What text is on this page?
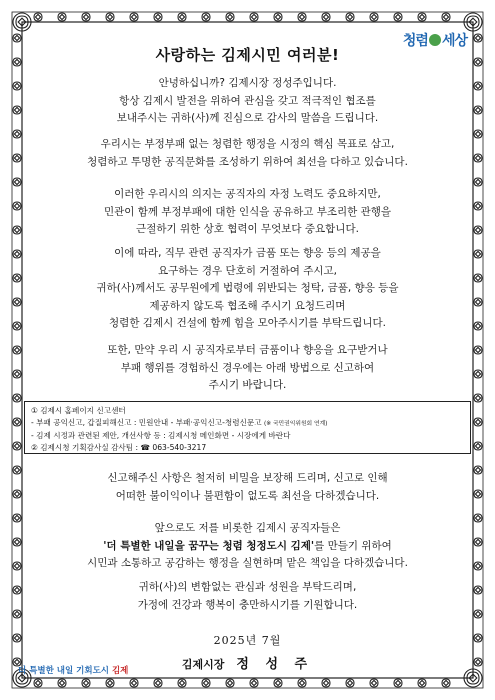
청렴 세상
사랑하는 김제시민 여러분!
안녕하십니까? 김제시장 정성주입니다.
항상 김제시 발전을 위하여 관심을 갖고 적극적인 협조를
보내주시는 귀하(사)께 진심으로 감사의 말씀을 드립니다.
우리시는 부정부패 없는 청렴한 행정을 시정의 핵심 목표로 삼고,
청렴하고 투명한 공직문화를 조성하기 위하여 최선을 다하고 있습니다.
이러한 우리시의 의지는 공직자의 자정 노력도 중요하지만,
민관이 함께 부정부패에 대한 인식을 공유하고 부조리한 관행을
근절하기 위한 상호 협력이 무엇보다 중요합니다.
이에 따라, 직무 관련 공직자가 금품 또는 향응 등의 제공을
요구하는 경우 단호히 거절하여 주시고,
귀하(사)께서도 공무원에게 법령에 위반되는 청탁, 금품, 향응 등을
제공하지 않도록 협조해 주시기 요청드리며
청렴한 김제시 건설에 함께 힘을 모아주시기를 부탁드립니다.
또한, 만약 우리 시 공직자로부터 금품이나 향응을 요구받거나
부패 행위를 경험하신 경우에는 아래 방법으로 신고하여
주시기 바랍니다.
① 김제시 홈페이지 신고센터
- 부패 공익신고, 갑질피해신고 : 민원안내 - 부패·공익신고-청렴신문고 (※ 국민권익위원회 연계)
- 김제 시정과 관련된 제안, 개선사항 등 : 김제시청 메인화면 - 시장에게 바란다
② 김제시청 기획감사실 감사팀 : ☎ 063-540-3217
신고해주신 사항은 철저히 비밀을 보장해 드리며, 신고로 인해
어떠한 불이익이나 불편함이 없도록 최선을 다하겠습니다.
앞으로도 저를 비롯한 김제시 공직자들은
'더 특별한 내일을 꿈꾸는 청렴 청정도시 김제'를 만들기 위하여
시민과 소통하고 공감하는 행정을 실현하며 맡은 책임을 다하겠습니다.
귀하(사)의 변함없는 관심과 성원을 부탁드리며,
가정에 건강과 행복이 충만하시기를 기원합니다.
2025년 7월
김제시장 정 성 주
더 특별한 내일 기회도시 김제
